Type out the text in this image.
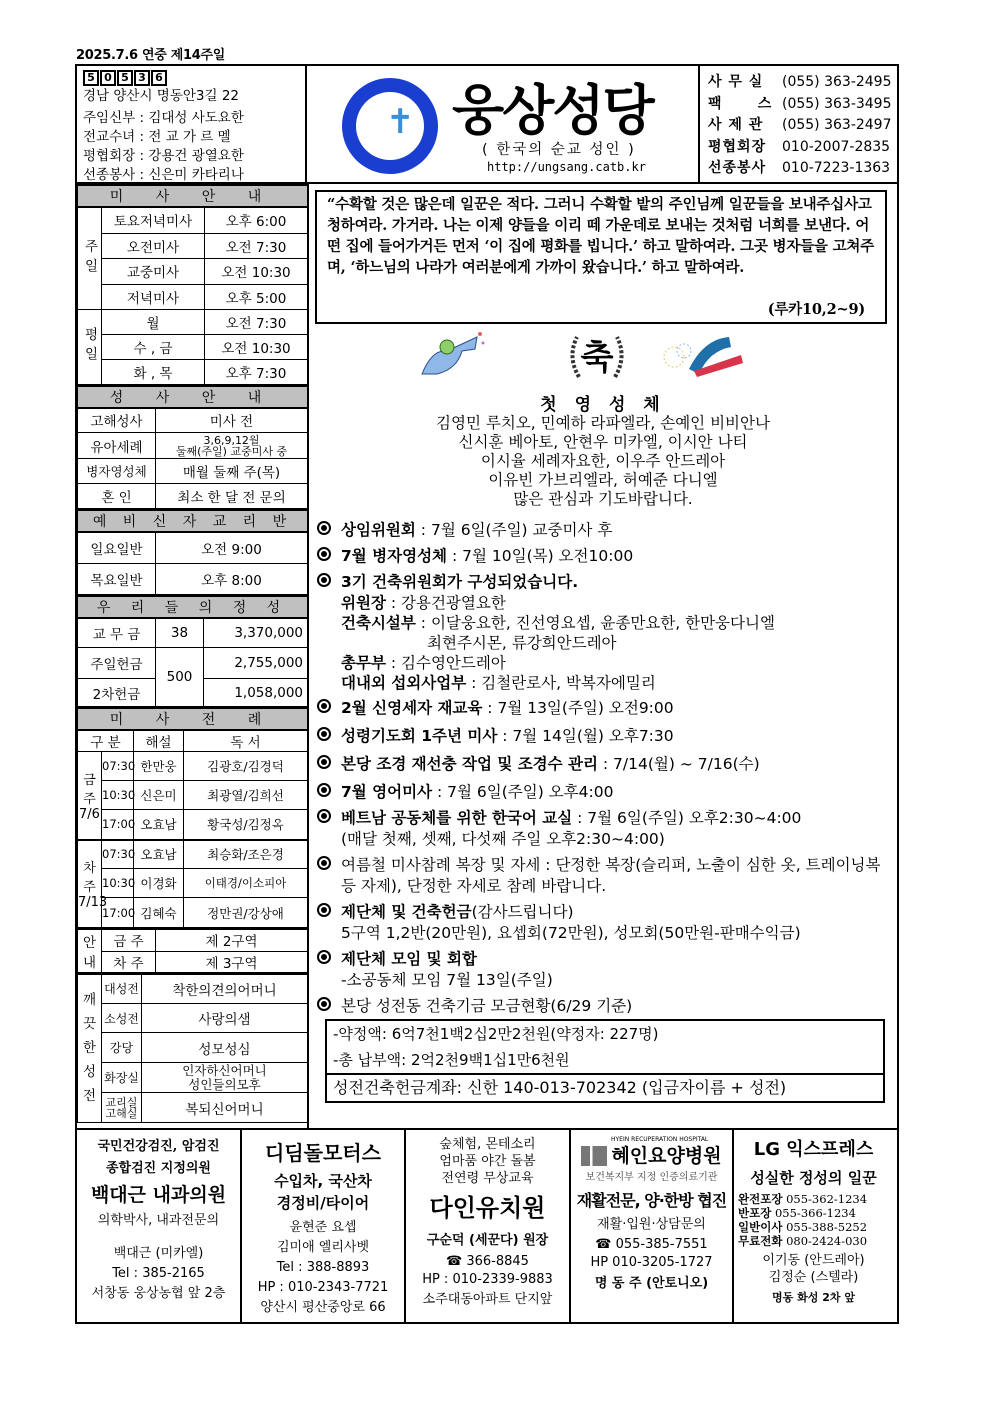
2025.7.6 연중 제14주일
5 0 5 3 6
경남 양산시 명동안3길 22
주임신부 : 김대성 사도요한
전교수녀 : 전 교 가 르 멜
평협회장 : 강용건 광열요한
선종봉사 : 신은미 카타리나
✝ 웅상성당
( 한국의 순교 성인 )
http://ungsang.catb.kr
사 무 실	(055) 363-2495
팩      스 (055) 363-3495
사 제 관	(055) 363-2497
평협회장	010-2007-2835
선종봉사	010-7223-1363
미 사 안 내		
주일	토요저녁미사	오후 6:00
	오전미사	오전 7:30
	교중미사	오전 10:30
	저녁미사	오후 5:00
평일	월	오전 7:30
	수 , 금	오전 10:30
	화 , 목	오후 7:30
성 사 안 내	
고해성사	미사 전
유아세례	3,6,9,12월
둘째(주일) 교중미사 중

병자영성체	매월 둘째 주(목)
혼 인	최소 한 달 전 문의
예 비 신 자 교 리 반	
일요일반	오전 9:00
목요일반	오후 8:00
우 리 들 의 정 성		
교 무 금	38	3,370,000
주일헌금	500	2,755,000
2차헌금		1,058,000
미 사 전 례			
구 분		해설	독 서

금주
7/6	07:30	한만웅	김광호/김경덕
	10:30	신은미	최광열/김희선
	17:00	오효남	황국성/김정옥

차주
7/13	07:30	오효남	최승화/조은경
	10:30	이경화	이태경/이소피아
	17:00	김혜숙	정만권/강상애
안
내	금 주	제 2구역
	차 주	제 3구역
깨
끗
한
성
전	대성전	착한의견의어머니
	소성전	사랑의샘
	강당	성모성심
	화장실	인자하신어머니
성인들의모후

	교리실
고해실	복되신어머니
“수확할 것은 많은데 일꾼은 적다. 그러니 수확할 밭의 주인님께 일꾼들을 보내주십사고 청하여라. 가거라. 나는 이제 양들을 이리 떼 가운데로 보내는 것처럼 너희를 보낸다. 어떤 집에 들어가거든 먼저 ‘이 집에 평화를 빕니다.’ 하고 말하여라. 그곳 병자들을 고쳐주며, ‘하느님의 나라가 여러분에게 가까이 왔습니다.’ 하고 말하여라.
(루카10,2~9)
축
첫 영 성 체
김영민 루치오, 민예하 라파엘라, 손예인 비비안나
신시훈 베아토, 안현우 미카엘, 이시안 나티
이시율 세례자요한, 이우주 안드레아
이유빈 가브리엘라, 허예준 다니엘
많은 관심과 기도바랍니다.
상임위원회 : 7월 6일(주일) 교중미사 후
7월 병자영성체 : 7월 10일(목) 오전10:00
3기 건축위원회가 구성되었습니다.
위원장 : 강용건광열요한
건축시설부 : 이달웅요한, 진선영요셉, 윤종만요한, 한만웅다니엘
최현주시몬, 류강희안드레아
총무부 : 김수영안드레아
대내외 섭외사업부 : 김철란로사, 박복자에밀리
2월 신영세자 재교육 : 7월 13일(주일) 오전9:00
성령기도회 1주년 미사 : 7월 14일(월) 오후7:30
본당 조경 재선충 작업 및 조경수 관리 : 7/14(월) ~ 7/16(수)
7월 영어미사 : 7월 6일(주일) 오후4:00
베트남 공동체를 위한 한국어 교실 : 7월 6일(주일) 오후2:30~4:00
(매달 첫째, 셋째, 다섯째 주일 오후2:30~4:00)
여름철 미사참례 복장 및 자세 : 단정한 복장(슬리퍼, 노출이 심한 옷, 트레이닝복 등 자제), 단정한 자세로 참례 바랍니다.
제단체 및 건축헌금(감사드립니다)
5구역 1,2반(20만원), 요셉회(72만원), 성모회(50만원-판매수익금)
제단체 모임 및 회합
-소공동체 모임 7월 13일(주일)
본당 성전동 건축기금 모금현황(6/29 기준)
-약정액: 6억7천1백2십2만2천원(약정자: 227명)
-총 납부액: 2억2천9백1십1만6천원
성전건축헌금계좌: 신한 140-013-702342 (입금자이름 + 성전)
국민건강검진, 암검진
종합검진 지정의원
백대근 내과의원
의학박사, 내과전문의
백대근 (미카엘)
Tel : 385-2165
서창동 웅상농협 앞 2층
디딤돌모터스
수입차, 국산차
경정비/타이어
윤현준 요셉
김미애 엘리사벳
Tel : 388-8893
HP : 010-2343-7721
양산시 평산중앙로 66
숲체험, 몬테소리
엄마품 야간 돌봄
전연령 무상교육
다인유치원
구순덕 (세꾼다) 원장
☎ 366-8845
HP : 010-2339-9883
소주대동아파트 단지앞
HYEIN RECUPERATION HOSPITAL
혜인요양병원
보건복지부 지정 인증의료기관
재활전문, 양·한방 협진
재활·입원·상담문의
☎ 055-385-7551
HP 010-3205-1727
명 동 주 (안토니오)
LG 익스프레스
성실한 정성의 일꾼
완전포장 055-362-1234
반포장 055-366-1234
일반이사 055-388-5252
무료전화 080-2424-030
이기동 (안드레아)
김정순 (스텔라)
명동 화성 2차 앞
